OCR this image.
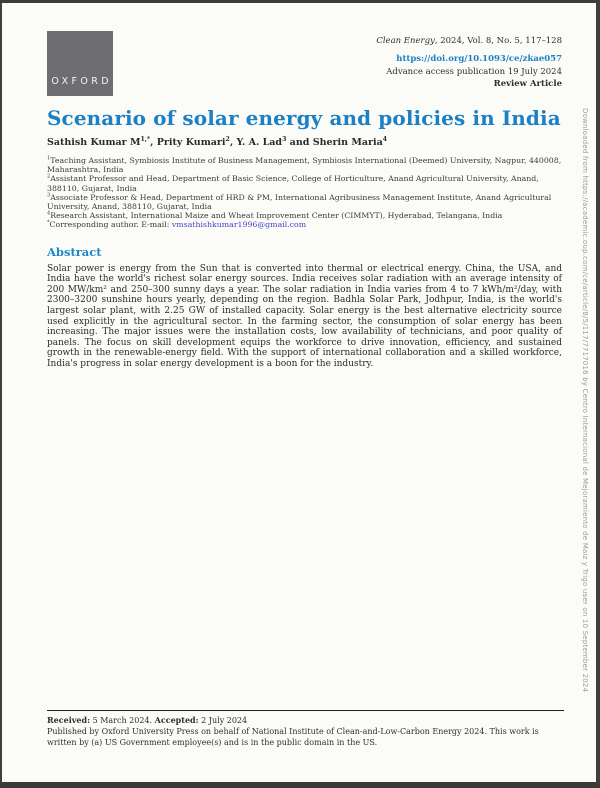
OXFORD
Clean Energy, 2024, Vol. 8, No. 5, 117–128
https://doi.org/10.1093/ce/zkae057
Advance access publication 19 July 2024
Review Article
Scenario of solar energy and policies in India
Sathish Kumar $M^{1,*}$, Prity Kumari$^2$, Y. A. Lad$^3$ and Sherin Maria$^4$
$^1$Teaching Assistant, Symbiosis Institute of Business Management, Symbiosis International (Deemed) University, Nagpur, 440008, Maharashtra, India
$^2$Assistant Professor and Head, Department of Basic Science, College of Horticulture, Anand Agricultural University, Anand, 388110, Gujarat, India
$^3$Associate Professor & Head, Department of HRD & PM, International Agribusiness Management Institute, Anand Agricultural University, Anand, 388110, Gujarat, India
$^4$Research Assistant, International Maize and Wheat Improvement Center (CIMMYT), Hyderabad, Telangana, India
*Corresponding author. E-mail: vmsathishkumar1996@gmail.com
Abstract

Solar power is energy from the Sun that is converted into thermal or electrical energy. China, the USA, and India have the world's richest solar energy sources. India receives solar radiation with an average intensity of 200 MW/km² and 250–300 sunny days a year. The solar radiation in India varies from 4 to 7 kWh/m²/day, with 2300–3200 sunshine hours yearly, depending on the region. Badhla Solar Park, Jodhpur, India, is the world's largest solar plant, with 2.25 GW of installed capacity. Solar energy is the best alternative electricity source used explicitly in the agricultural sector. In the farming sector, the consumption of solar energy has been increasing. The major issues were the installation costs, low availability of technicians, and poor quality of panels. The focus on skill development equips the workforce to drive innovation, efficiency, and sustained growth in the renewable-energy field. With the support of international collaboration and a skilled workforce, India's progress in solar energy development is a boon for the industry.

Received: 5 March 2024. Accepted: 2 July 2024
Published by Oxford University Press on behalf of National Institute of Clean-and-Low-Carbon Energy 2024. This work is written by (a) US Government employee(s) and is in the public domain in the US.
Downloaded from https://academic.oup.com/ce/article/8/5/117/7717016 by Centro Internacional de Mejoramiento de Maiz y Trigo user on 10 September 2024
